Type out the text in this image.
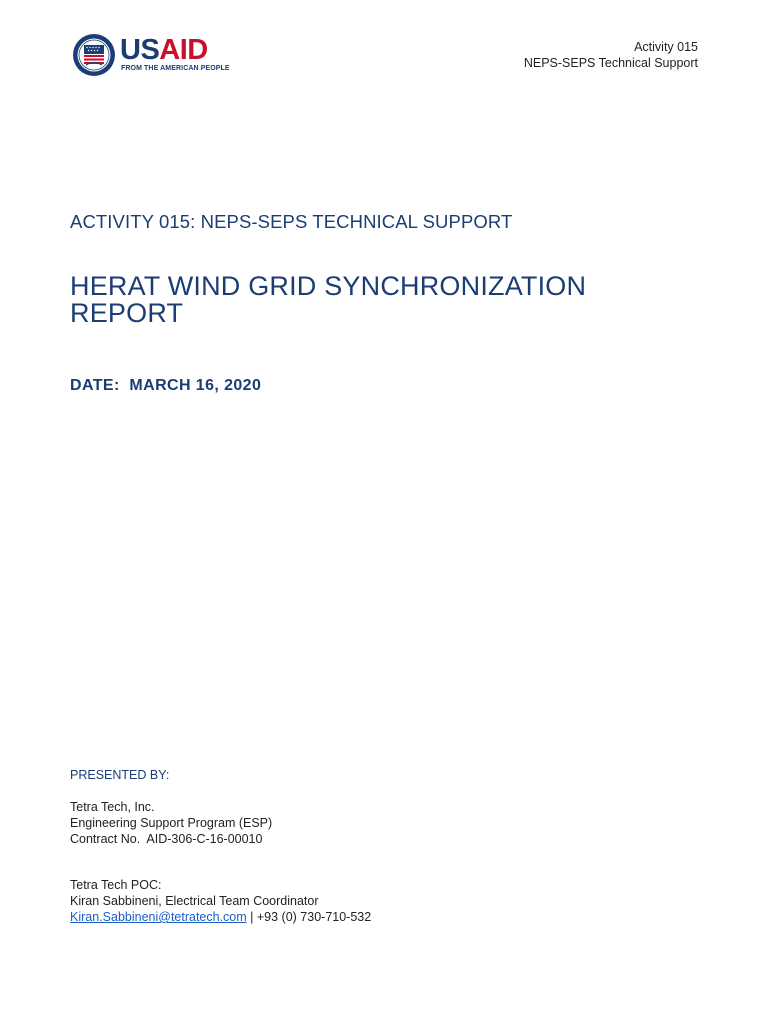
USAID
FROM THE AMERICAN PEOPLE
Activity 015
NEPS-SEPS Technical Support
ACTIVITY 015: NEPS-SEPS TECHNICAL SUPPORT
HERAT WIND GRID SYNCHRONIZATION
REPORT
DATE:  MARCH 16, 2020
PRESENTED BY:
Tetra Tech, Inc.
Engineering Support Program (ESP)
Contract No.  AID-306-C-16-00010
Tetra Tech POC:
Kiran Sabbineni, Electrical Team Coordinator
Kiran.Sabbineni@tetratech.com | +93 (0) 730-710-532
